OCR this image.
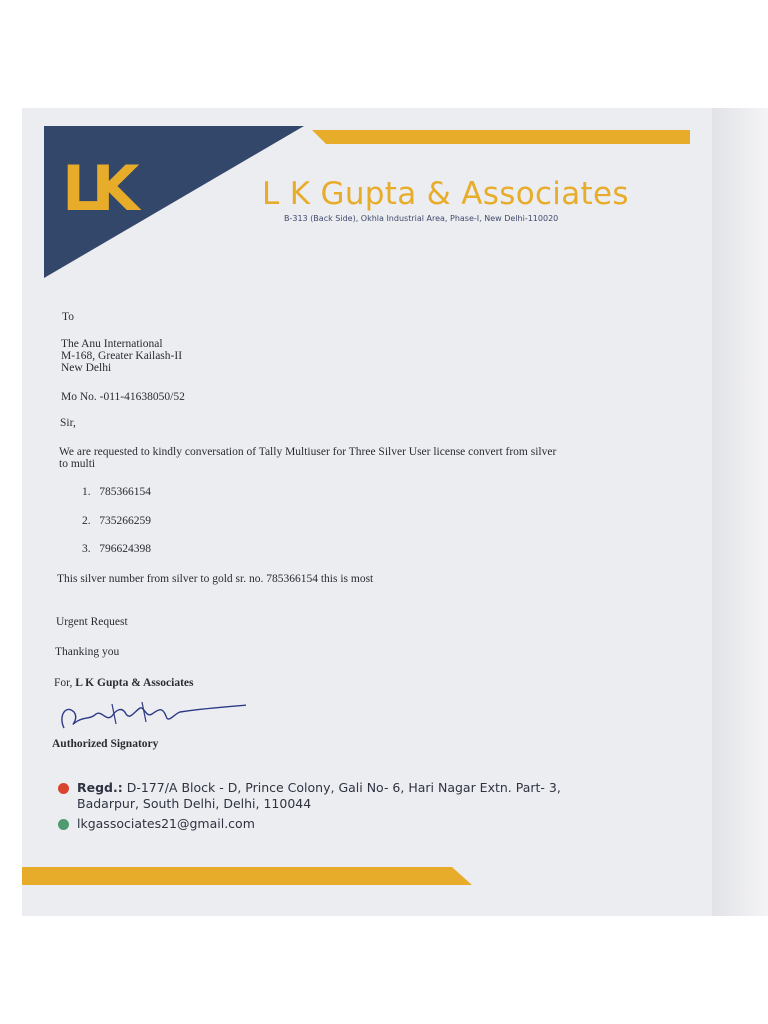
LK	L K Gupta & Associates
B-313 (Back Side), Okhla Industrial Area, Phase-I, New Delhi-110020
To
The Anu International
M-168, Greater Kailash-II
New Delhi
Mo No. -011-41638050/52
Sir,
We are requested to kindly conversation of Tally Multiuser for Three Silver User license convert from silver
to multi
1. 785366154
2. 735266259
3. 796624398
This silver number from silver to gold sr. no. 785366154 this is most
Urgent Request
Thanking you
For, L K Gupta & Associates
Authorized Signatory
Regd.: D-177/A Block - D, Prince Colony, Gali No- 6, Hari Nagar Extn. Part- 3,
Badarpur, South Delhi, Delhi, 110044
lkgassociates21@gmail.com
